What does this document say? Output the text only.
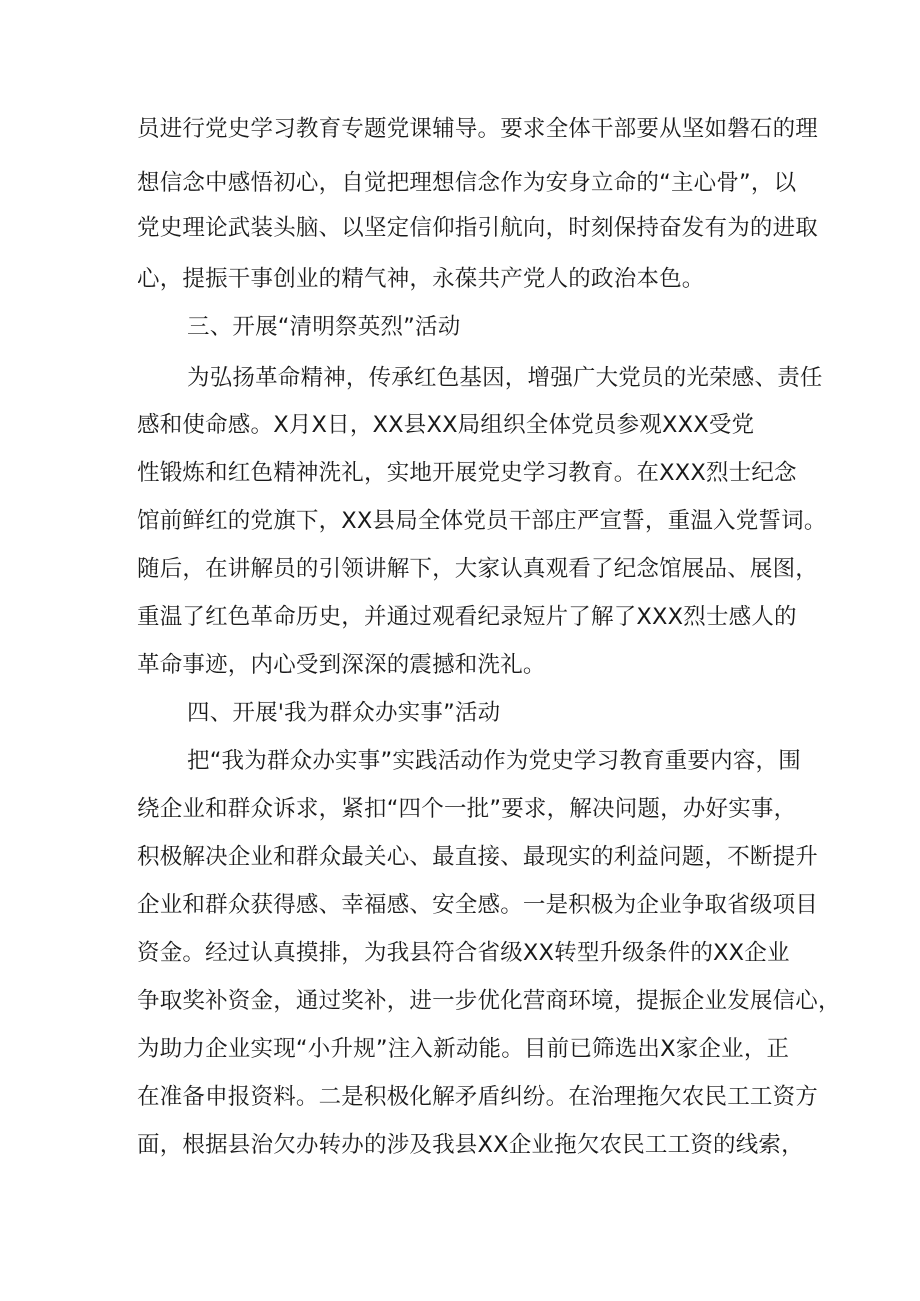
员进行党史学习教育专题党课辅导。要求全体干部要从坚如磐石的理
想信念中感悟初心，自觉把理想信念作为安身立命的“主心骨”，以
党史理论武装头脑、以坚定信仰指引航向，时刻保持奋发有为的进取
心，提振干事创业的精气神，永葆共产党人的政治本色。
三、开展“清明祭英烈”活动
为弘扬革命精神，传承红色基因，增强广大党员的光荣感、责任
感和使命感。X月X日，XX县XX局组织全体党员参观XXX受党
性锻炼和红色精神洗礼，实地开展党史学习教育。在XXX烈士纪念
馆前鲜红的党旗下，XX县局全体党员干部庄严宣誓，重温入党誓词。
随后，在讲解员的引领讲解下，大家认真观看了纪念馆展品、展图，
重温了红色革命历史，并通过观看纪录短片了解了XXX烈士感人的
革命事迹，内心受到深深的震撼和洗礼。
四、开展'我为群众办实事”活动
把“我为群众办实事”实践活动作为党史学习教育重要内容，围
绕企业和群众诉求，紧扣“四个一批”要求，解决问题，办好实事，
积极解决企业和群众最关心、最直接、最现实的利益问题，不断提升
企业和群众获得感、幸福感、安全感。一是积极为企业争取省级项目
资金。经过认真摸排，为我县符合省级XX转型升级条件的XX企业
争取奖补资金，通过奖补，进一步优化营商环境，提振企业发展信心，
为助力企业实现“小升规”注入新动能。目前已筛选出X家企业，正
在准备申报资料。二是积极化解矛盾纠纷。在治理拖欠农民工工资方
面，根据县治欠办转办的涉及我县XX企业拖欠农民工工资的线索，
